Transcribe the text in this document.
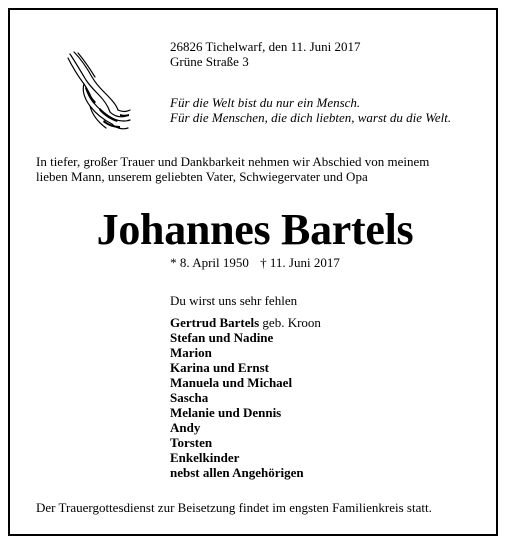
26826 Tichelwarf, den 11. Juni 2017
Grüne Straße 3
Für die Welt bist du nur ein Mensch.
Für die Menschen, die dich liebten, warst du die Welt.
In tiefer, großer Trauer und Dankbarkeit nehmen wir Abschied von meinem
lieben Mann, unserem geliebten Vater, Schwiegervater und Opa
Johannes Bartels
* 8. April 1950 † 11. Juni 2017
Du wirst uns sehr fehlen
Gertrud Bartels geb. Kroon
Stefan und Nadine
Marion
Karina und Ernst
Manuela und Michael
Sascha
Melanie und Dennis
Andy
Torsten
Enkelkinder
nebst allen Angehörigen
Der Trauergottesdienst zur Beisetzung findet im engsten Familienkreis statt.
